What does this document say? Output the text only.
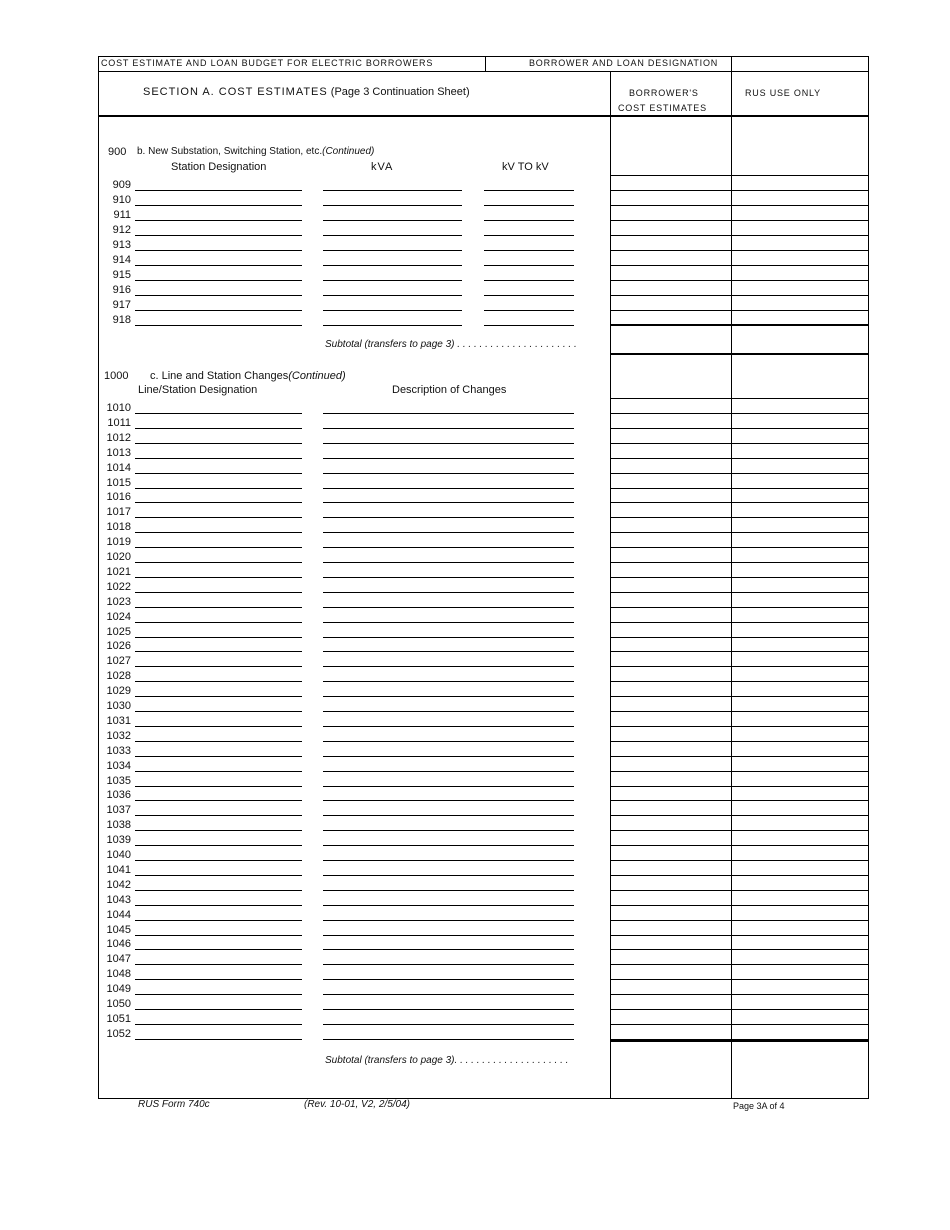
COST ESTIMATE AND LOAN BUDGET FOR ELECTRIC BORROWERS	BORROWER AND LOAN DESIGNATION
SECTION A. COST ESTIMATES (Page 3 Continuation Sheet)	BORROWER'S
COST ESTIMATES
RUS USE ONLY
900 b. New Substation, Switching Station, etc.(Continued)
Station Designation	kVA	kV TO kV
909
910
911
912
913
914
915
916
917
918
Subtotal (transfers to page 3) . . . . . . . . . . . . . . . . . . . . . .
1000 c. Line and Station Changes(Continued)
Line/Station Designation	Description of Changes
1010
1011
1012
1013
1014
1015
1016
1017
1018
1019
1020
1021
1022
1023
1024
1025
1026
1027
1028
1029
1030
1031
1032
1033
1034
1035
1036
1037
1038
1039
1040
1041
1042
1043
1044
1045
1046
1047
1048
1049
1050
1051
1052
Subtotal (transfers to page 3). . . . . . . . . . . . . . . . . . . . .
RUS Form 740c	(Rev. 10-01, V2, 2/5/04)	Page 3A of 4
